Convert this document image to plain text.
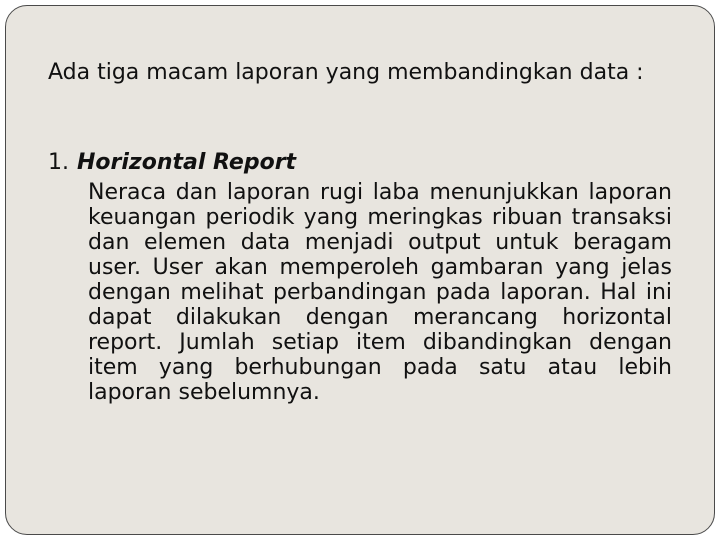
Ada tiga macam laporan yang membandingkan data :

1. Horizontal Report

Neraca dan laporan rugi laba menunjukkan laporan keuangan periodik yang meringkas ribuan transaksi dan elemen data menjadi output untuk beragam user. User akan memperoleh gambaran yang jelas dengan melihat perbandingan pada laporan. Hal ini dapat dilakukan dengan merancang horizontal report. Jumlah setiap item dibandingkan dengan item yang berhubungan pada satu atau lebih laporan sebelumnya.
